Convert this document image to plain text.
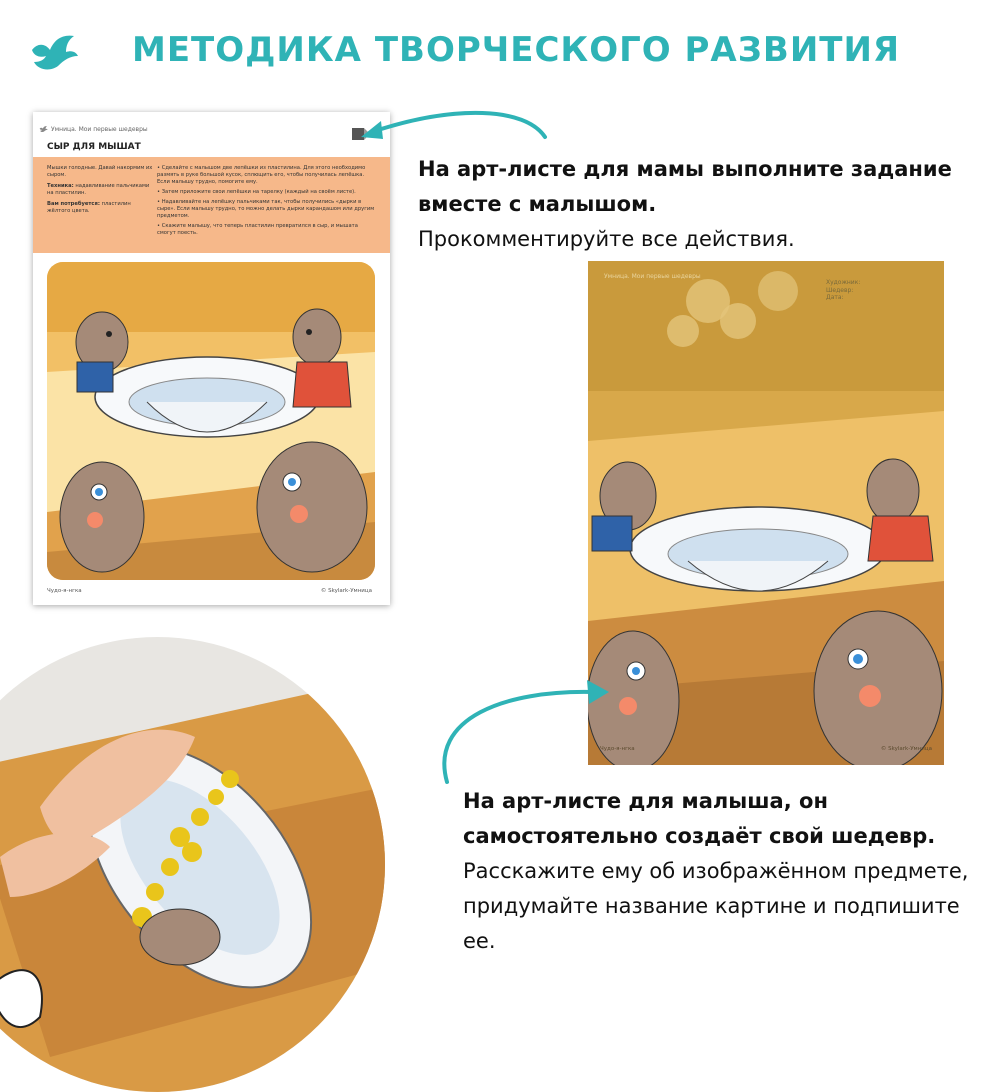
МЕТОДИКА ТВОРЧЕСКОГО РАЗВИТИЯ
Умница. Мои первые шедевры
СЫР ДЛЯ МЫШАТ

Мышки голодные. Давай накормим их сыром.

Техника: надавливание пальчиками на пластилин.

Вам потребуется: пластилин жёлтого цвета.

• Сделайте с малышом две лепёшки из пластилина. Для этого необходимо размять в руке большой кусок, сплющить его, чтобы получилась лепёшка. Если малышу трудно, помогите ему.

• Затем приложите свои лепёшки на тарелку (каждый на своём листе).

• Надавливайте на лепёшку пальчиками так, чтобы получились «дырки в сыре». Если малышу трудно, то можно делать дырки карандашом или другим предметом.

• Скажите малышу, что теперь пластилин превратился в сыр, и мышата смогут поесть.

Чудо-я-нгка	© Skylark-Умница
На арт-листе для мамы выполните задание вместе с малышом.
Прокомментируйте все действия.
Умница. Мои первые шедевры
Художник:
Шедевр:
Дата:
Чудо-я-нгка	© Skylark-Умница
На арт-листе для малыша, он самостоятельно создаёт свой шедевр. Расскажите ему об изображённом предмете, придумайте название картине и подпишите ее.
